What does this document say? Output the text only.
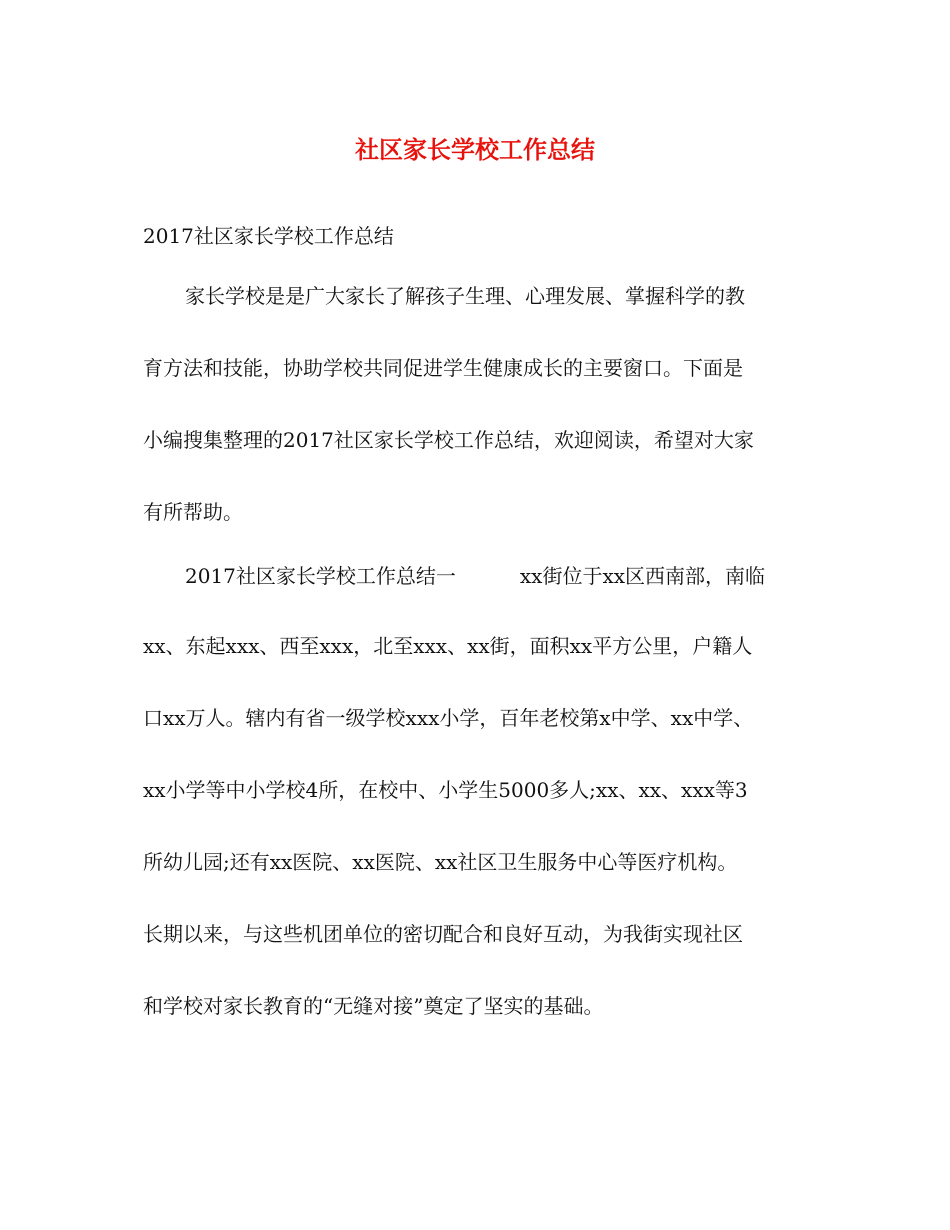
社区家长学校工作总结
2017社区家长学校工作总结
家长学校是是广大家长了解孩子生理、心理发展、掌握科学的教
育方法和技能，协助学校共同促进学生健康成长的主要窗口。下面是
小编搜集整理的2017社区家长学校工作总结，欢迎阅读，希望对大家
有所帮助。
2017社区家长学校工作总结一	xx街位于xx区西南部，南临
xx、东起xxx、西至xxx，北至xxx、xx街，面积xx平方公里，户籍人
口xx万人。辖内有省一级学校xxx小学，百年老校第x中学、xx中学、
xx小学等中小学校4所，在校中、小学生5000多人;xx、xx、xxx等3
所幼儿园;还有xx医院、xx医院、xx社区卫生服务中心等医疗机构。
长期以来，与这些机团单位的密切配合和良好互动，为我街实现社区
和学校对家长教育的“无缝对接”奠定了坚实的基础。
